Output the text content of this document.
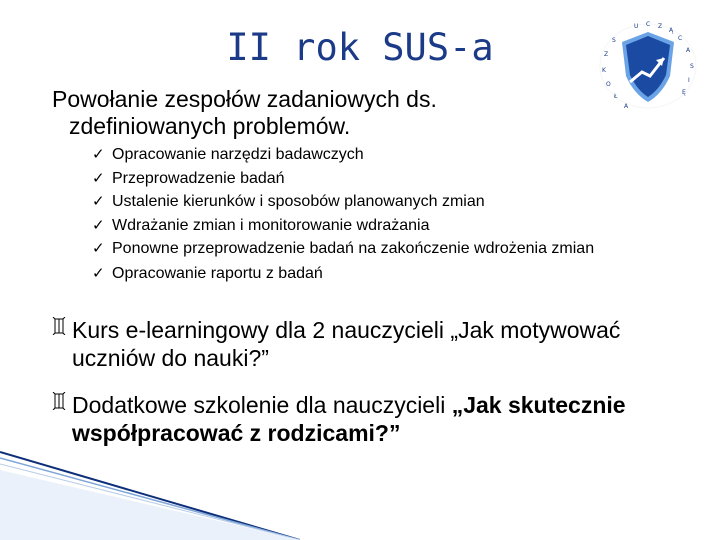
II rok SUS-a	U C Z
Ą
C
A
S
I
Ę
S
Z
K
O
Ł
A
Powołanie zespołów zadaniowych ds.
zdefiniowanych problemów.
✓ Opracowanie narzędzi badawczych
✓ Przeprowadzenie badań
✓ Ustalenie kierunków i sposobów planowanych zmian
✓ Wdrażanie zmian i monitorowanie wdrażania
✓ Ponowne przeprowadzenie badań na zakończenie wdrożenia zmian
✓ Opracowanie raportu z badań
Kurs e-learningowy dla 2 nauczycieli „Jak motywować uczniów do nauki?”
Dodatkowe szkolenie dla nauczycieli „Jak skutecznie współpracować z rodzicami?”
